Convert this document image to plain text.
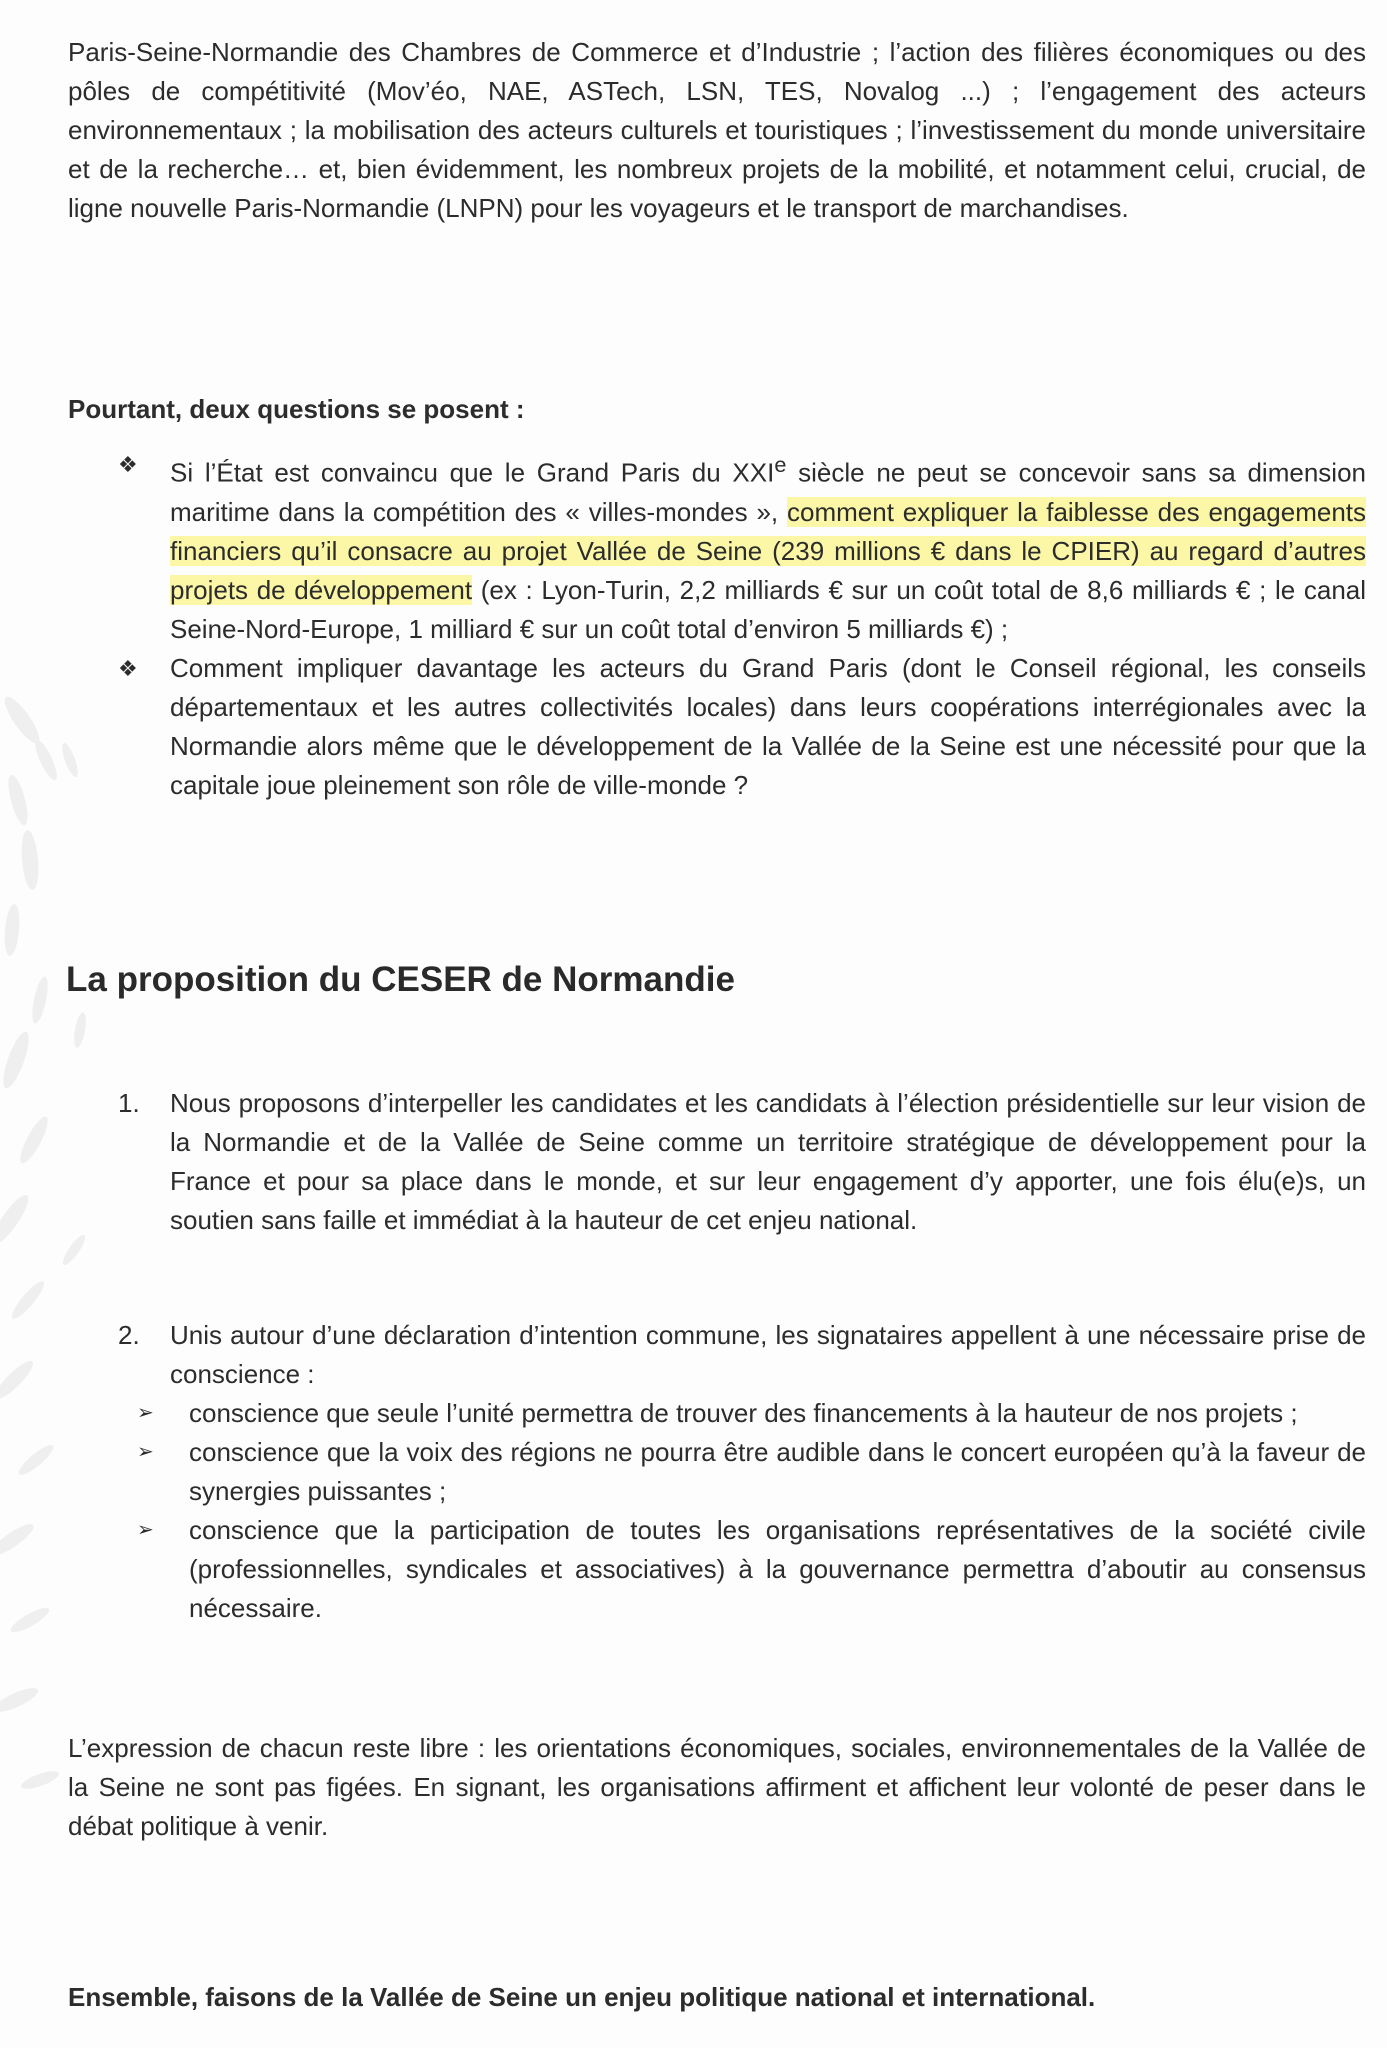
Paris-Seine-Normandie des Chambres de Commerce et d’Industrie ; l’action des filières économiques ou des pôles de compétitivité (Mov’éo, NAE, ASTech, LSN, TES, Novalog ...) ; l’engagement des acteurs environnementaux ; la mobilisation des acteurs culturels et touristiques ; l’investissement du monde universitaire et de la recherche… et, bien évidemment, les nombreux projets de la mobilité, et notamment celui, crucial, de ligne nouvelle Paris-Normandie (LNPN) pour les voyageurs et le transport de marchandises.

Pourtant, deux questions se posent :

❖ Si l’État est convaincu que le Grand Paris du XXIe siècle ne peut se concevoir sans sa dimension maritime dans la compétition des « villes-mondes », comment expliquer la faiblesse des engagements financiers qu’il consacre au projet Vallée de Seine (239 millions € dans le CPIER) au regard d’autres projets de développement (ex : Lyon-Turin, 2,2 milliards € sur un coût total de 8,6 milliards € ; le canal Seine-Nord-Europe, 1 milliard € sur un coût total d’environ 5 milliards €) ;
❖ Comment impliquer davantage les acteurs du Grand Paris (dont le Conseil régional, les conseils départementaux et les autres collectivités locales) dans leurs coopérations interrégionales avec la Normandie alors même que le développement de la Vallée de la Seine est une nécessité pour que la capitale joue pleinement son rôle de ville-monde ?
La proposition du CESER de Normandie
1. Nous proposons d’interpeller les candidates et les candidats à l’élection présidentielle sur leur vision de la Normandie et de la Vallée de Seine comme un territoire stratégique de développement pour la France et pour sa place dans le monde, et sur leur engagement d’y apporter, une fois élu(e)s, un soutien sans faille et immédiat à la hauteur de cet enjeu national.
2. Unis autour d’une déclaration d’intention commune, les signataires appellent à une nécessaire prise de conscience :
➢ conscience que seule l’unité permettra de trouver des financements à la hauteur de nos projets ;
➢ conscience que la voix des régions ne pourra être audible dans le concert européen qu’à la faveur de synergies puissantes ;
➢ conscience que la participation de toutes les organisations représentatives de la société civile (professionnelles, syndicales et associatives) à la gouvernance permettra d’aboutir au consensus nécessaire.

L’expression de chacun reste libre : les orientations économiques, sociales, environnementales de la Vallée de la Seine ne sont pas figées. En signant, les organisations affirment et affichent leur volonté de peser dans le débat politique à venir.

Ensemble, faisons de la Vallée de Seine un enjeu politique national et international.
